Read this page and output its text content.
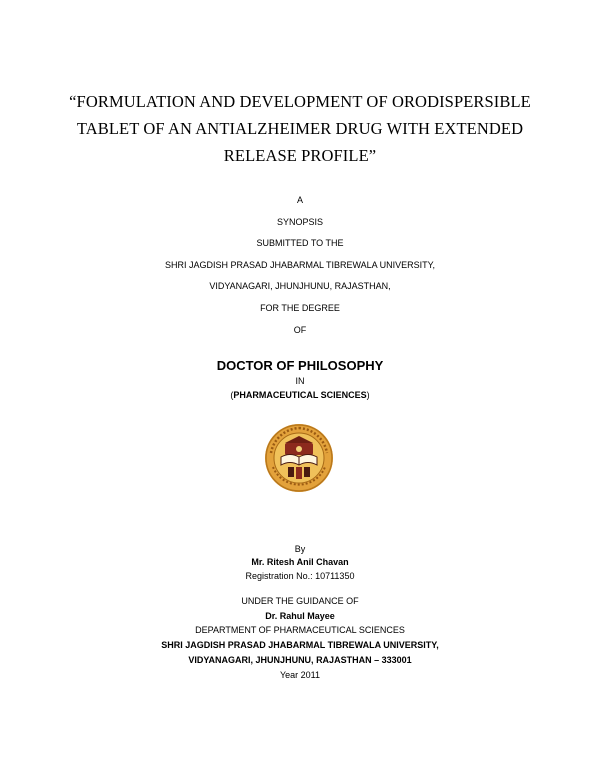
“FORMULATION AND DEVELOPMENT OF ORODISPERSIBLE
TABLET OF AN ANTIALZHEIMER DRUG WITH EXTENDED
RELEASE PROFILE”
A
SYNOPSIS
SUBMITTED TO THE
SHRI JAGDISH PRASAD JHABARMAL TIBREWALA UNIVERSITY,
VIDYANAGARI, JHUNJHUNU, RAJASTHAN,
FOR THE DEGREE
OF
DOCTOR OF PHILOSOPHY
IN
(PHARMACEUTICAL SCIENCES)
By
Mr. Ritesh Anil Chavan
Registration No.: 10711350
UNDER THE GUIDANCE OF
Dr. Rahul Mayee
DEPARTMENT OF PHARMACEUTICAL SCIENCES
SHRI JAGDISH PRASAD JHABARMAL TIBREWALA UNIVERSITY,
VIDYANAGARI, JHUNJHUNU, RAJASTHAN – 333001
Year 2011
